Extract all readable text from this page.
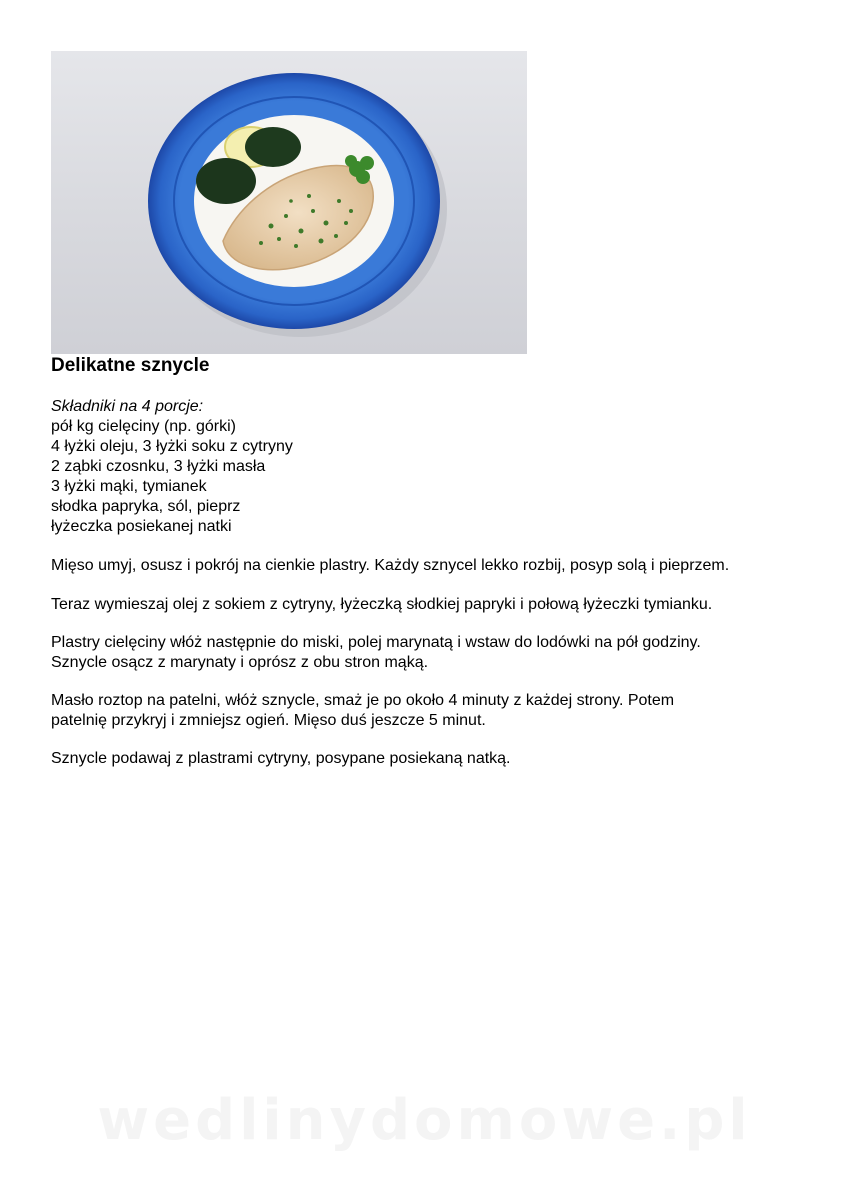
Delikatne sznycle
Składniki na 4 porcje:
pół kg cielęciny (np. górki)
4 łyżki oleju, 3 łyżki soku z cytryny
2 ząbki czosnku, 3 łyżki masła
3 łyżki mąki, tymianek
słodka papryka, sól, pieprz
łyżeczka posiekanej natki
Mięso umyj, osusz i pokrój na cienkie plastry. Każdy sznycel lekko rozbij, posyp solą i pieprzem.
Teraz wymieszaj olej z sokiem z cytryny, łyżeczką słodkiej papryki i połową łyżeczki tymianku.
Plastry cielęciny włóż następnie do miski, polej marynatą i wstaw do lodówki na pół godziny.
Sznycle osącz z marynaty i oprósz z obu stron mąką.
Masło roztop na patelni, włóż sznycle, smaż je po około 4 minuty z każdej strony. Potem
patelnię przykryj i zmniejsz ogień. Mięso duś jeszcze 5 minut.
Sznycle podawaj z plastrami cytryny, posypane posiekaną natką.
wedlinydomowe.pl
